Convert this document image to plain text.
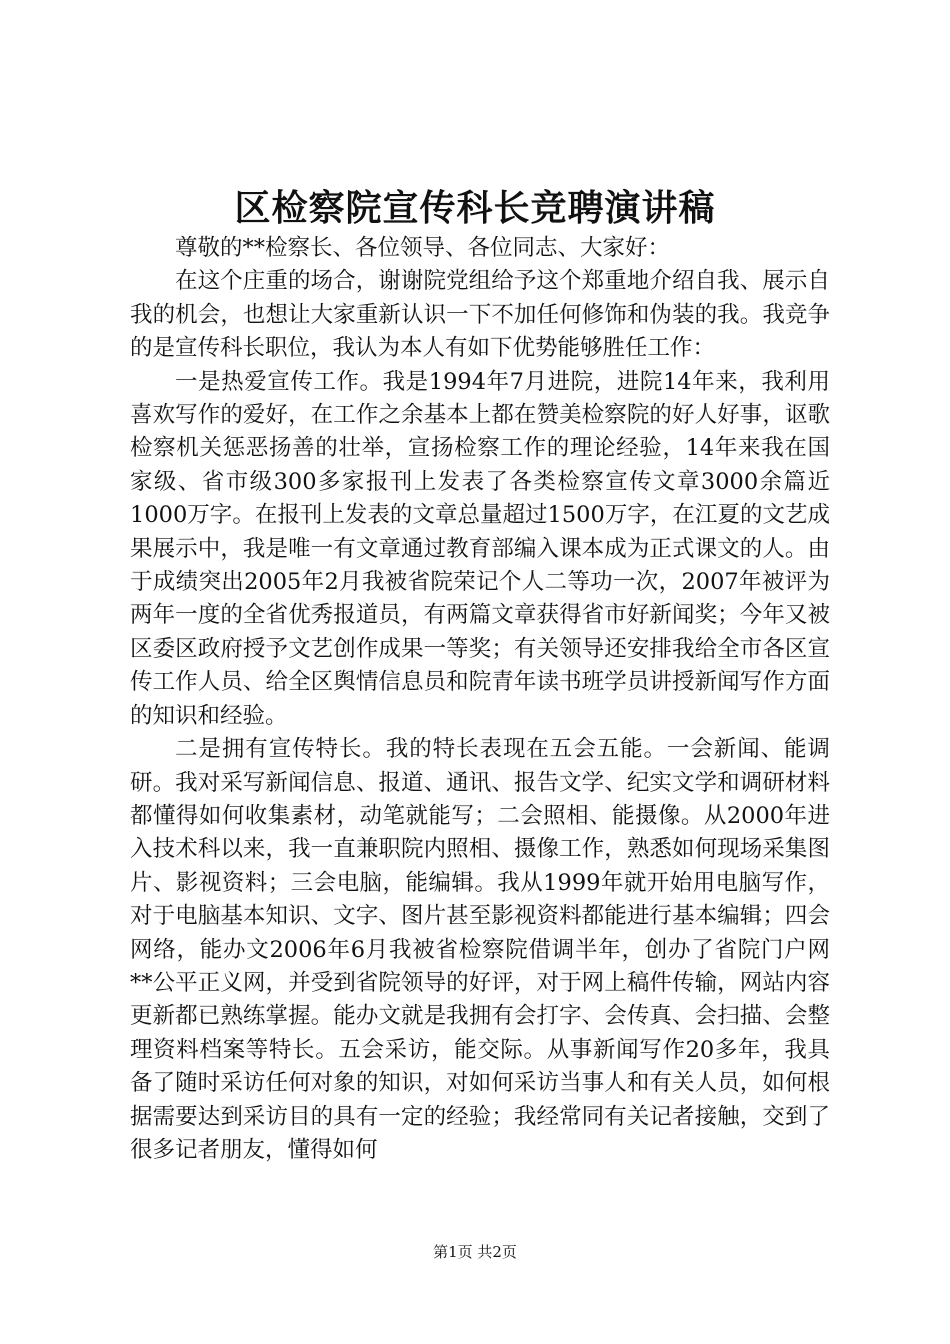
区检察院宣传科长竞聘演讲稿

尊敬的**检察长、各位领导、各位同志、大家好：

在这个庄重的场合，谢谢院党组给予这个郑重地介绍自我、展示自我的机会，也想让大家重新认识一下不加任何修饰和伪装的我。我竞争的是宣传科长职位，我认为本人有如下优势能够胜任工作：

一是热爱宣传工作。我是1994年7月进院，进院14年来，我利用喜欢写作的爱好，在工作之余基本上都在赞美检察院的好人好事，讴歌检察机关惩恶扬善的壮举，宣扬检察工作的理论经验，14年来我在国家级、省市级300多家报刊上发表了各类检察宣传文章3000余篇近1000万字。在报刊上发表的文章总量超过1500万字，在江夏的文艺成果展示中，我是唯一有文章通过教育部编入课本成为正式课文的人。由于成绩突出2005年2月我被省院荣记个人二等功一次，2007年被评为两年一度的全省优秀报道员，有两篇文章获得省市好新闻奖；今年又被区委区政府授予文艺创作成果一等奖；有关领导还安排我给全市各区宣传工作人员、给全区舆情信息员和院青年读书班学员讲授新闻写作方面的知识和经验。

二是拥有宣传特长。我的特长表现在五会五能。一会新闻、能调研。我对采写新闻信息、报道、通讯、报告文学、纪实文学和调研材料都懂得如何收集素材，动笔就能写；二会照相、能摄像。从2000年进入技术科以来，我一直兼职院内照相、摄像工作，熟悉如何现场采集图片、影视资料；三会电脑，能编辑。我从1999年就开始用电脑写作，对于电脑基本知识、文字、图片甚至影视资料都能进行基本编辑；四会网络，能办文2006年6月我被省检察院借调半年，创办了省院门户网**公平正义网，并受到省院领导的好评，对于网上稿件传输，网站内容更新都已熟练掌握。能办文就是我拥有会打字、会传真、会扫描、会整理资料档案等特长。五会采访，能交际。从事新闻写作20多年，我具备了随时采访任何对象的知识，对如何采访当事人和有关人员，如何根据需要达到采访目的具有一定的经验；我经常同有关记者接触，交到了很多记者朋友，懂得如何

第1页 共2页
